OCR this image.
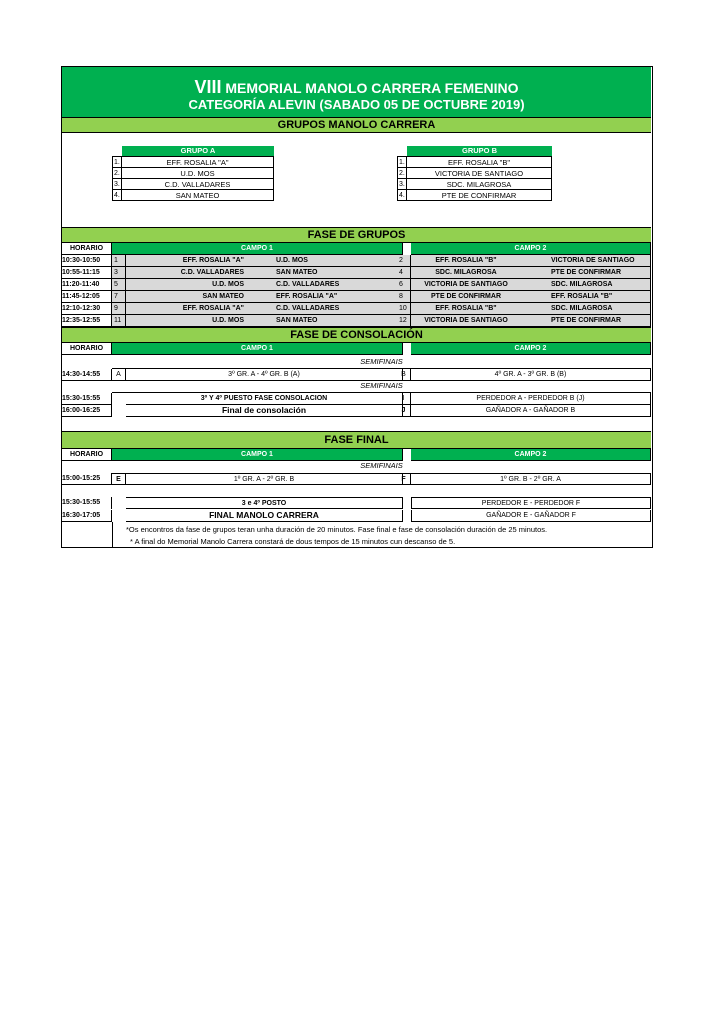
VIII MEMORIAL MANOLO CARRERA FEMENINO
CATEGORÍA ALEVIN (SABADO 05 DE OCTUBRE 2019)
GRUPOS MANOLO CARRERA
GRUPO A
1.	EFF. ROSALIA "A"
2.	U.D. MOS
3.	C.D. VALLADARES
4.	SAN MATEO
GRUPO B
1.	EFF. ROSALIA "B"
2.	VICTORIA DE SANTIAGO
3.	SDC. MILAGROSA
4.	PTE DE CONFIRMAR
FASE DE GRUPOS
HORARIO	CAMPO 1	CAMPO 2
10:30-10:50	1	EFF. ROSALIA "A"	U.D. MOS	2	EFF. ROSALIA "B"	VICTORIA DE SANTIAGO
10:55-11:15	3	C.D. VALLADARES	SAN MATEO	4	SDC. MILAGROSA	PTE DE CONFIRMAR
11:20-11:40	5	U.D. MOS	C.D. VALLADARES	6	VICTORIA DE SANTIAGO	SDC. MILAGROSA
11:45-12:05	7	SAN MATEO	EFF. ROSALIA "A"	8	PTE DE CONFIRMAR	EFF. ROSALIA "B"
12:10-12:30	9	EFF. ROSALIA "A"	C.D. VALLADARES	10	EFF. ROSALIA "B"	SDC. MILAGROSA
12:35-12:55	11	U.D. MOS	SAN MATEO	12	VICTORIA DE SANTIAGO	PTE DE CONFIRMAR
FASE DE CONSOLACIÓN
HORARIO	CAMPO 1	CAMPO 2
SEMIFINAIS
14:30-14:55	A	3º GR. A - 4º GR. B (A)	B	4º GR. A - 3º GR. B (B)
SEMIFINAIS
15:30-15:55	3º Y 4º PUESTO FASE CONSOLACION	I	PERDEDOR A - PERDEDOR B (J)
16:00-16:25	Final de consolación	J	GAÑADOR A - GAÑADOR B
FASE FINAL
HORARIO	CAMPO 1	CAMPO 2
SEMIFINAIS
15:00-15:25	E	1º GR. A - 2º GR. B	F	1º GR. B - 2º GR. A
15:30-15:55	3 e 4º POSTO	PERDEDOR E - PERDEDOR F
16:30-17:05	FINAL MANOLO CARRERA	GAÑADOR E - GAÑADOR F
*Os encontros da fase de grupos teran unha duración de 20 minutos. Fase final e fase de consolación duración de 25 minutos.
* A final do Memorial Manolo Carrera constará de dous tempos de 15 minutos cun descanso de 5.
